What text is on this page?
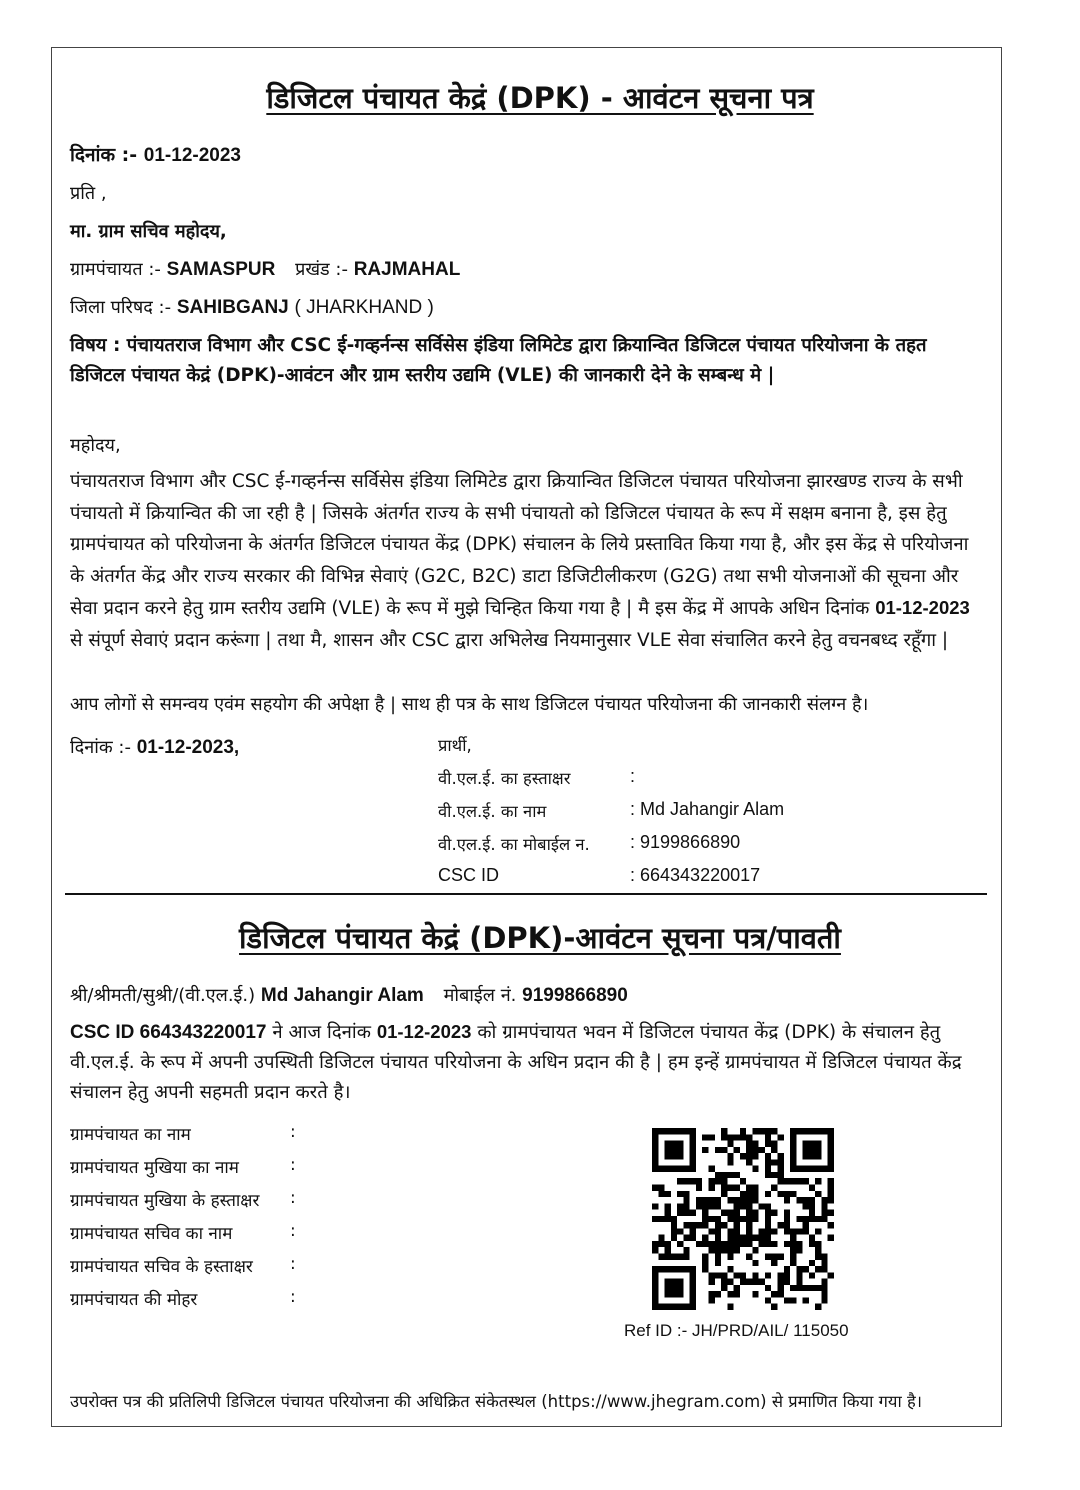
डिजिटल पंचायत केद्रं (DPK) - आवंटन सूचना पत्र
दिनांक :- 01-12-2023
प्रति ,
मा. ग्राम सचिव महोदय,
ग्रामपंचायत :- SAMASPUR प्रखंड :- RAJMAHAL
जिला परिषद :- SAHIBGANJ ( JHARKHAND )
विषय : पंचायतराज विभाग और CSC ई-गव्हर्नन्स सर्विसेस इंडिया लिमिटेड द्वारा क्रियान्वित डिजिटल पंचायत परियोजना के तहत डिजिटल पंचायत केद्रं (DPK)-आवंटन और ग्राम स्तरीय उद्यमि (VLE) की जानकारी देने के सम्बन्ध मे |
महोदय,
पंचायतराज विभाग और CSC ई-गव्हर्नन्स सर्विसेस इंडिया लिमिटेड द्वारा क्रियान्वित डिजिटल पंचायत परियोजना झारखण्ड राज्य के सभी पंचायतो में क्रियान्वित की जा रही है | जिसके अंतर्गत राज्य के सभी पंचायतो को डिजिटल पंचायत के रूप में सक्षम बनाना है, इस हेतु ग्रामपंचायत को परियोजना के अंतर्गत डिजिटल पंचायत केंद्र (DPK) संचालन के लिये प्रस्तावित किया गया है, और इस केंद्र से परियोजना के अंतर्गत केंद्र और राज्य सरकार की विभिन्न सेवाएं (G2C, B2C) डाटा डिजिटीलीकरण (G2G) तथा सभी योजनाओं की सूचना और सेवा प्रदान करने हेतु ग्राम स्तरीय उद्यमि (VLE) के रूप में मुझे चिन्हित किया गया है | मै इस केंद्र में आपके अधिन दिनांक 01-12-2023 से संपूर्ण सेवाएं प्रदान करूंगा | तथा मै, शासन और CSC द्वारा अभिलेख नियमानुसार VLE सेवा संचालित करने हेतु वचनबध्द रहूँगा |
आप लोगों से समन्वय एवंम सहयोग की अपेक्षा है | साथ ही पत्र के साथ डिजिटल पंचायत परियोजना की जानकारी संलग्न है।
दिनांक :- 01-12-2023,	प्रार्थी,
वी.एल.ई. का हस्ताक्षर	:
वी.एल.ई. का नाम	: Md Jahangir Alam
वी.एल.ई. का मोबाईल न. : 9199866890
CSC ID	: 664343220017
डिजिटल पंचायत केद्रं (DPK)-आवंटन सूचना पत्र/पावती
श्री/श्रीमती/सुश्री/(वी.एल.ई.) Md Jahangir Alam मोबाईल नं. 9199866890
CSC ID 664343220017 ने आज दिनांक 01-12-2023 को ग्रामपंचायत भवन में डिजिटल पंचायत केंद्र (DPK) के संचालन हेतु वी.एल.ई. के रूप में अपनी उपस्थिती डिजिटल पंचायत परियोजना के अधिन प्रदान की है | हम इन्हें ग्रामपंचायत में डिजिटल पंचायत केंद्र संचालन हेतु अपनी सहमती प्रदान करते है।
ग्रामपंचायत का नाम	:
ग्रामपंचायत मुखिया का नाम	:
ग्रामपंचायत मुखिया के हस्ताक्षर :
ग्रामपंचायत सचिव का नाम	:
ग्रामपंचायत सचिव के हस्ताक्षर :
ग्रामपंचायत की मोहर	:
Ref ID :- JH/PRD/AIL/ 115050
उपरोक्त पत्र की प्रतिलिपी डिजिटल पंचायत परियोजना की अधिक्रित संकेतस्थल (https://www.jhegram.com) से प्रमाणित किया गया है।
